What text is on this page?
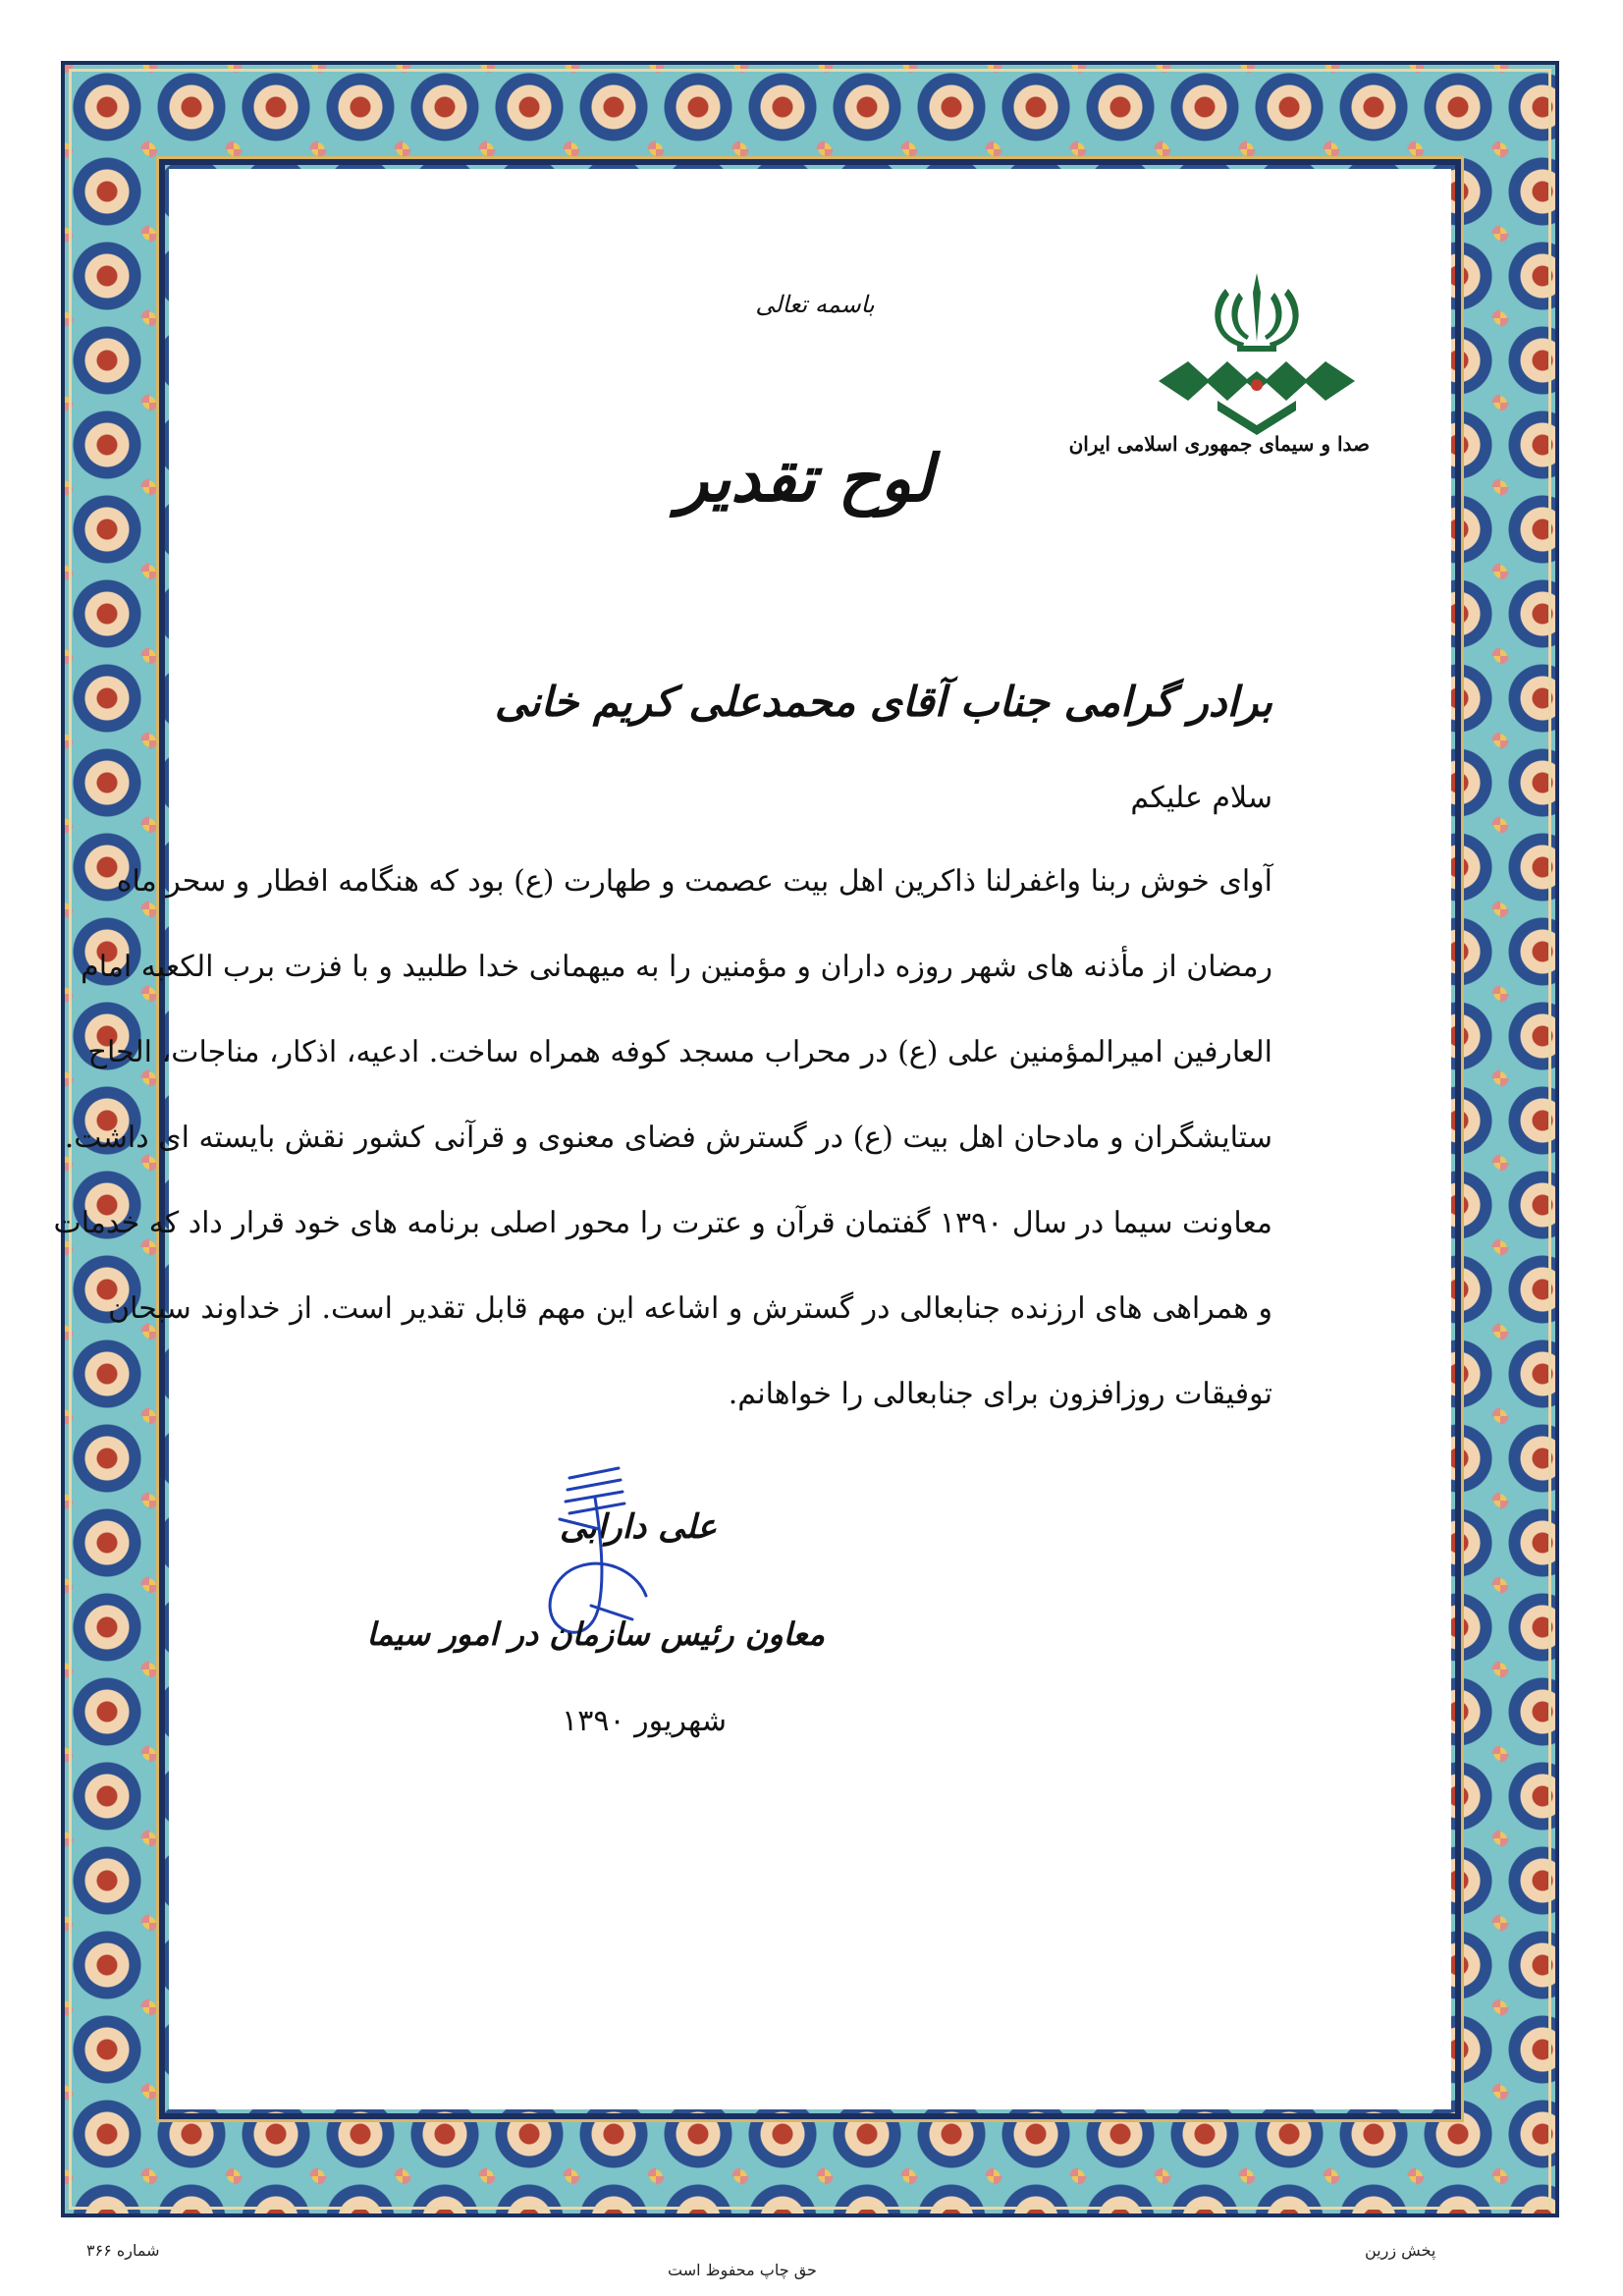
صدا و سیمای جمهوری اسلامی ایران
باسمه تعالی
لوح تقدیر
برادر گرامی جناب آقای محمدعلی کریم خانی
سلام علیکم
آوای خوش ربنا واغفرلنا ذاکرین اهل بیت عصمت و طهارت (ع) بود که هنگامه افطار و سحر ماه
رمضان از مأذنه های شهر روزه داران و مؤمنین را به میهمانی خدا طلبید و با فزت برب الکعبه امام
العارفین امیرالمؤمنین علی (ع) در محراب مسجد کوفه همراه ساخت. ادعیه، اذکار، مناجات، الحاح
ستایشگران و مادحان اهل بیت (ع) در گسترش فضای معنوی و قرآنی کشور نقش بایسته ای داشت.
معاونت سیما در سال ۱۳۹۰ گفتمان قرآن و عترت را محور اصلی برنامه های خود قرار داد که خدمات
و همراهی های ارزنده جنابعالی در گسترش و اشاعه این مهم قابل تقدیر است. از خداوند سبحان
توفیقات روزافزون برای جنابعالی را خواهانم.
علی دارابی
معاون رئیس سازمان در امور سیما
شهریور ۱۳۹۰
پخش زرین
شماره ۳۶۶
حق چاپ محفوظ است
